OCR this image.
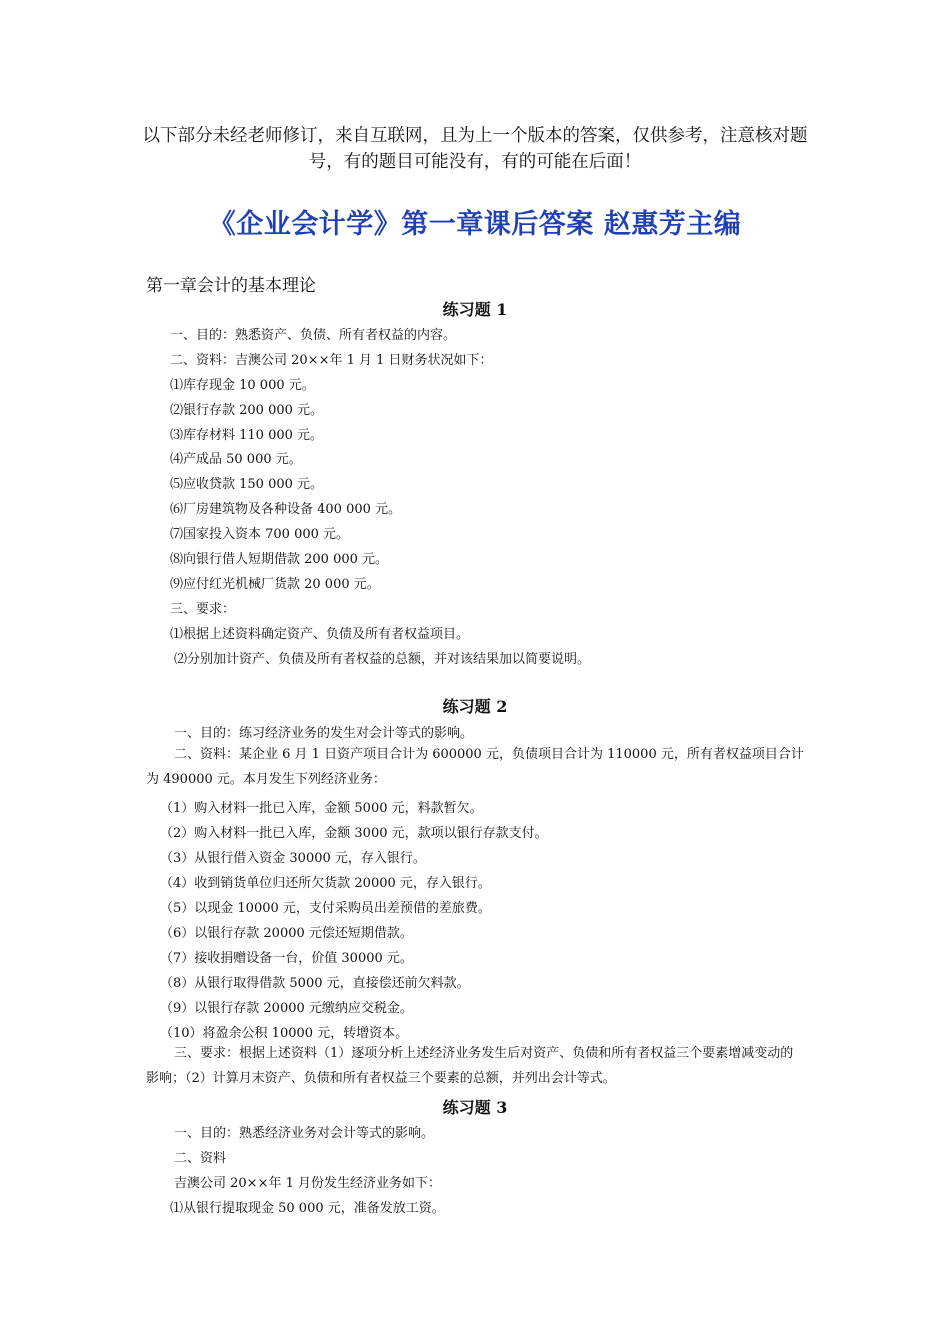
以下部分未经老师修订，来自互联网，且为上一个版本的答案，仅供参考，注意核对题号，有的题目可能没有，有的可能在后面！
《企业会计学》第一章课后答案 赵惠芳主编
第一章会计的基本理论
练习题 1
一、目的：熟悉资产、负债、所有者权益的内容。
二、资料：吉澳公司 20××年 1 月 1 日财务状况如下：
⑴库存现金 10 000 元。
⑵银行存款 200 000 元。
⑶库存材料 110 000 元。
⑷产成品 50 000 元。
⑸应收贷款 150 000 元。
⑹厂房建筑物及各种设备 400 000 元。
⑺国家投入资本 700 000 元。
⑻向银行借人短期借款 200 000 元。
⑼应付红光机械厂货款 20 000 元。
三、要求：
⑴根据上述资料确定资产、负债及所有者权益项目。
⑵分别加计资产、负债及所有者权益的总额，并对该结果加以简要说明。
练习题 2
一、目的：练习经济业务的发生对会计等式的影响。
二、资料：某企业 6 月 1 日资产项目合计为 600000 元，负债项目合计为 110000 元，所有者权益项目合计为 490000 元。本月发生下列经济业务：
（1）购入材料一批已入库，金额 5000 元，料款暂欠。
（2）购入材料一批已入库，金额 3000 元，款项以银行存款支付。
（3）从银行借入资金 30000 元，存入银行。
（4）收到销货单位归还所欠货款 20000 元，存入银行。
（5）以现金 10000 元，支付采购员出差预借的差旅费。
（6）以银行存款 20000 元偿还短期借款。
（7）接收捐赠设备一台，价值 30000 元。
（8）从银行取得借款 5000 元，直接偿还前欠料款。
（9）以银行存款 20000 元缴纳应交税金。
（10）将盈余公积 10000 元，转增资本。
三、要求：根据上述资料（1）逐项分析上述经济业务发生后对资产、负债和所有者权益三个要素增减变动的影响；（2）计算月末资产、负债和所有者权益三个要素的总额，并列出会计等式。
练习题 3
一、目的：熟悉经济业务对会计等式的影响。
二、资料
吉澳公司 20××年 1 月份发生经济业务如下：
⑴从银行提取现金 50 000 元，准备发放工资。
